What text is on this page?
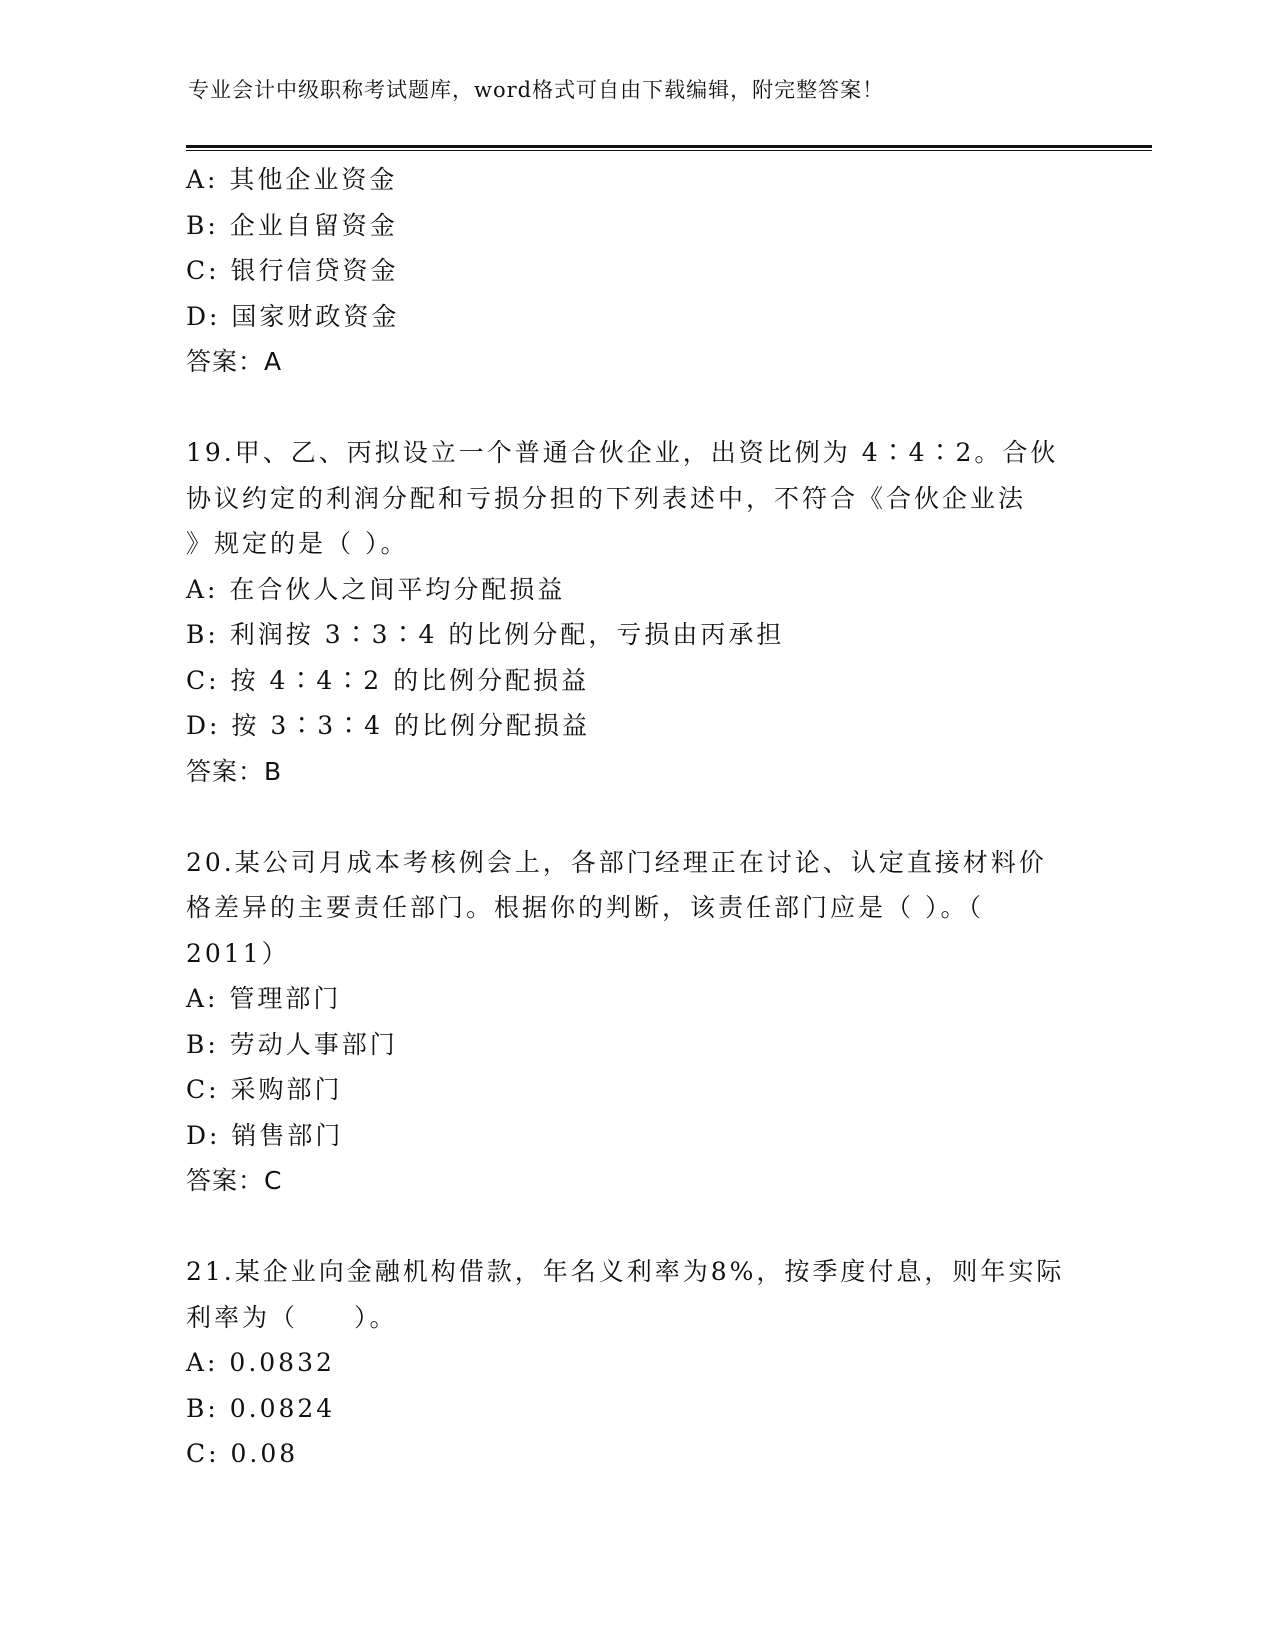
专业会计中级职称考试题库，word格式可自由下载编辑，附完整答案！
A: 其他企业资金
B: 企业自留资金
C: 银行信贷资金
D: 国家财政资金
答案：A
19.甲、乙、丙拟设立一个普通合伙企业，出资比例为 4∶4∶2。合伙
协议约定的利润分配和亏损分担的下列表述中，不符合《合伙企业法
》规定的是（ ）。
A: 在合伙人之间平均分配损益
B: 利润按 3∶3∶4 的比例分配，亏损由丙承担
C: 按 4∶4∶2 的比例分配损益
D: 按 3∶3∶4 的比例分配损益
答案：B
20.某公司月成本考核例会上，各部门经理正在讨论、认定直接材料价
格差异的主要责任部门。根据你的判断，该责任部门应是（ ）。（
2011）
A: 管理部门
B: 劳动人事部门
C: 采购部门
D: 销售部门
答案：C
21.某企业向金融机构借款，年名义利率为8%，按季度付息，则年实际
利率为（　　）。
A: 0.0832
B: 0.0824
C: 0.08
